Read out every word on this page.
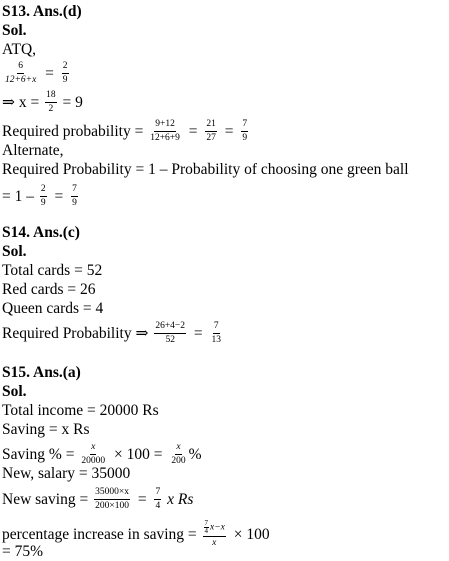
S13. Ans.(d)
Sol.
ATQ,
$\frac{6}{12+6+x} = \frac{2}{9}$
⇒ $x = \frac{18}{2} = 9$
Required probability = $\frac{9+12}{12+6+9} = \frac{21}{27} = \frac{7}{9}$
Alternate,
Required Probability = 1 – Probability of choosing one green ball
= $1 - \frac{2}{9} = \frac{7}{9}$
S14. Ans.(c)
Sol.
Total cards = 52
Red cards = 26
Queen cards = 4
Required Probability ⇒ $\frac{26+4-2}{52} = \frac{7}{13}$
S15. Ans.(a)
Sol.
Total income = 20000 Rs
Saving = x Rs
Saving % = $\frac{x}{20000} \times 100 = \frac{x}{200}$ %
New, salary = 35000
New saving = $\frac{35000\times x}{200\times 100} = \frac{7}{4}$ x Rs
percentage increase in saving = $\frac{\frac{7}{4} x-x}{x} \times 100$
= 75%
